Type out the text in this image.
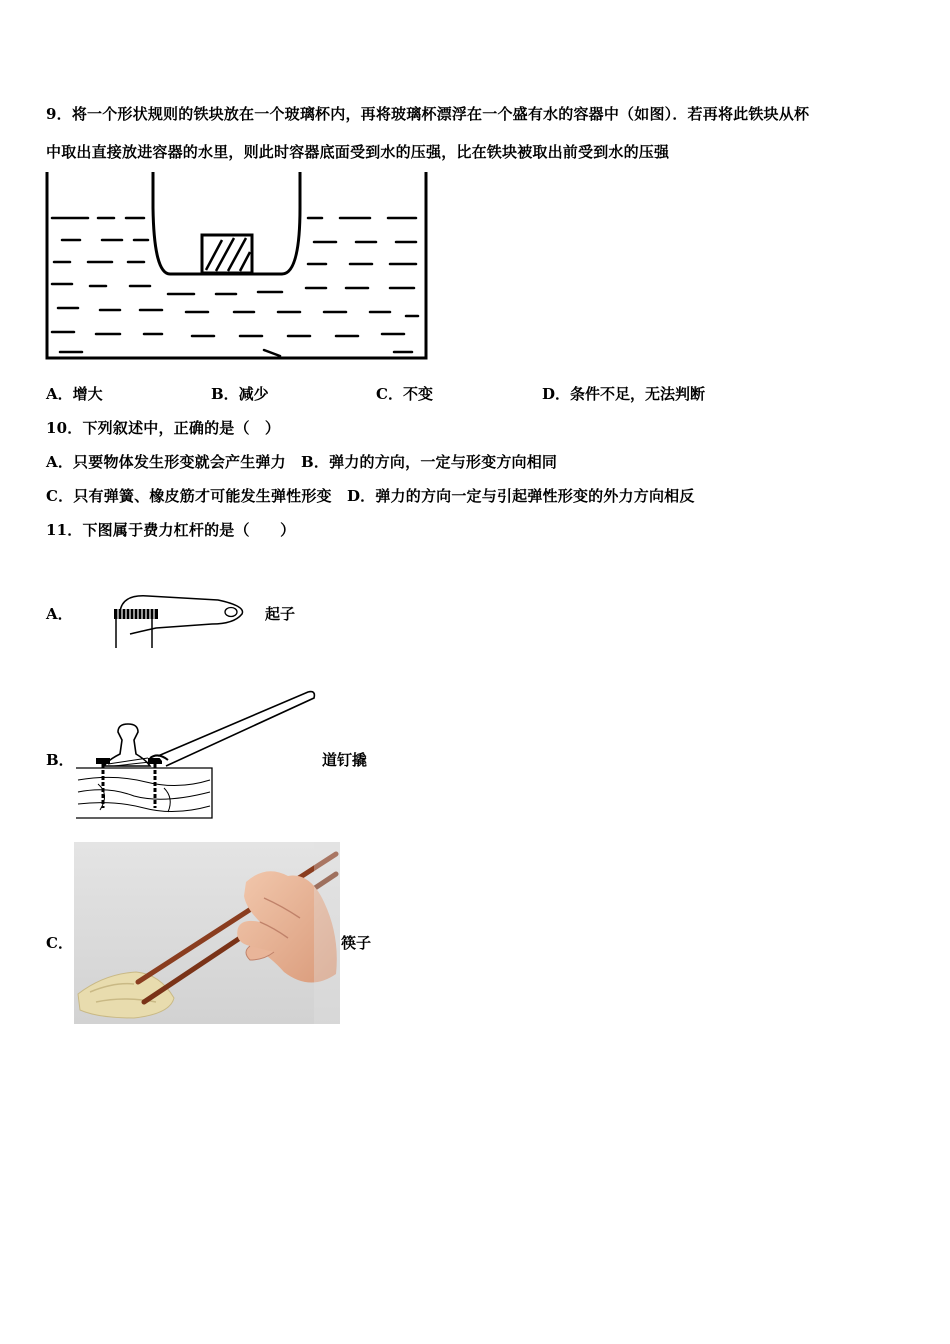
9．将一个形状规则的铁块放在一个玻璃杯内，再将玻璃杯漂浮在一个盛有水的容器中（如图）．若再将此铁块从杯
中取出直接放进容器的水里，则此时容器底面受到水的压强，比在铁块被取出前受到水的压强
A．增大	B．减少	C．不变	D．条件不足，无法判断
10．下列叙述中，正确的是（　）
A．只要物体发生形变就会产生弹力　B．弹力的方向，一定与形变方向相同
C．只有弹簧、橡皮筋才可能发生弹性形变　D．弹力的方向一定与引起弹性形变的外力方向相反
11．下图属于费力杠杆的是（　　）
A．	起子
B．	道钉撬
C．	筷子
